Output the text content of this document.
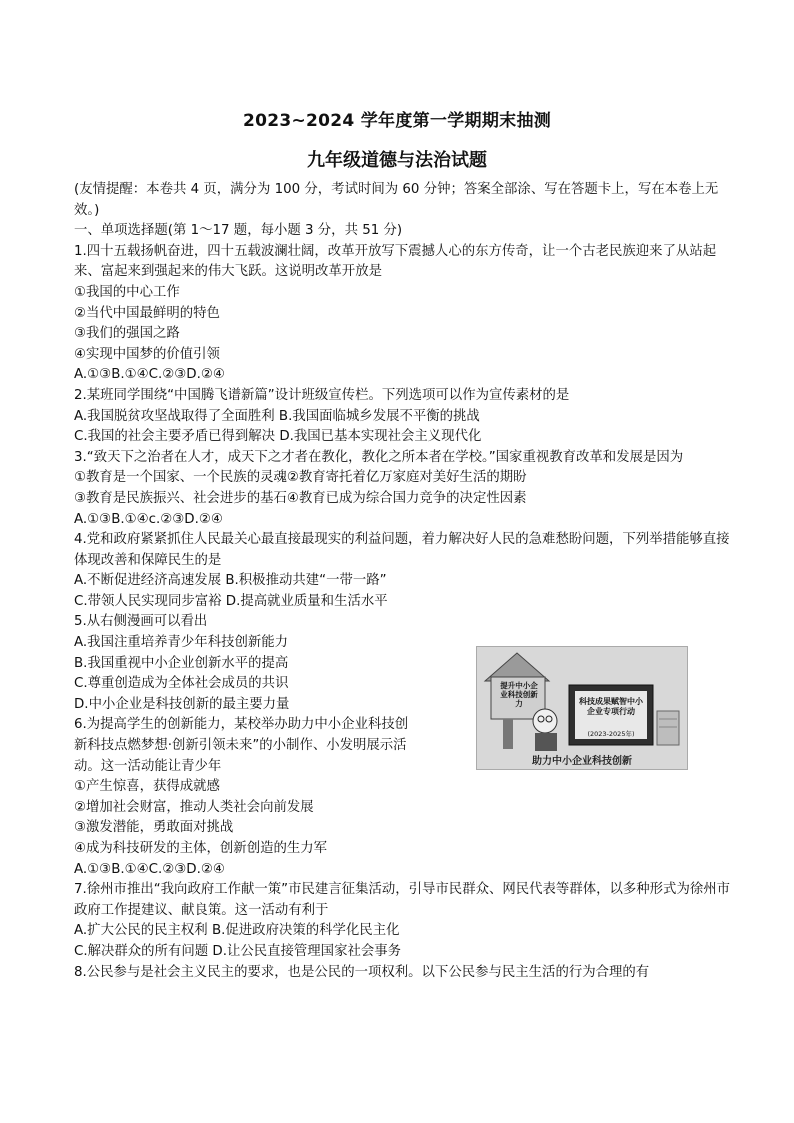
2023~2024 学年度第一学期期末抽测
九年级道德与法治试题

(友情提醒：本卷共 4 页，满分为 100 分，考试时间为 60 分钟；答案全部涂、写在答题卡上，写在本卷上无效。)

一、单项选择题(第 1～17 题，每小题 3 分，共 51 分)

1.四十五载扬帆奋进，四十五载波澜壮阔，改革开放写下震撼人心的东方传奇，让一个古老民族迎来了从站起来、富起来到强起来的伟大飞跃。这说明改革开放是

①我国的中心工作

②当代中国最鲜明的特色

③我们的强国之路

④实现中国梦的价值引领

A.①③B.①④C.②③D.②④

2.某班同学围绕“中国腾飞谱新篇”设计班级宣传栏。下列选项可以作为宣传素材的是

A.我国脱贫攻坚战取得了全面胜利 B.我国面临城乡发展不平衡的挑战

C.我国的社会主要矛盾已得到解决 D.我国已基本实现社会主义现代化

3.“致天下之治者在人才，成天下之才者在教化，教化之所本者在学校。”国家重视教育改革和发展是因为

①教育是一个国家、一个民族的灵魂②教育寄托着亿万家庭对美好生活的期盼

③教育是民族振兴、社会进步的基石④教育已成为综合国力竞争的决定性因素

A.①③B.①④c.②③D.②④

4.党和政府紧紧抓住人民最关心最直接最现实的利益问题，着力解决好人民的急难愁盼问题，下列举措能够直接体现改善和保障民生的是

A.不断促进经济高速发展 B.积极推动共建“一带一路”

C.带领人民实现同步富裕 D.提高就业质量和生活水平

5.从右侧漫画可以看出

A.我国注重培养青少年科技创新能力

B.我国重视中小企业创新水平的提高

C.尊重创造成为全体社会成员的共识

D.中小企业是科技创新的最主要力量

6.为提高学生的创新能力，某校举办助力中小企业科技创

新科技点燃梦想·创新引领未来”的小制作、小发明展示活

动。这一活动能让青少年

①产生惊喜，获得成就感

②增加社会财富，推动人类社会向前发展

③激发潜能，勇敢面对挑战

④成为科技研发的主体，创新创造的生力军

A.①③B.①④C.②③D.②④

7.徐州市推出“我向政府工作献一策”市民建言征集活动，引导市民群众、网民代表等群体，以多种形式为徐州市政府工作提建议、献良策。这一活动有利于

A.扩大公民的民主权利 B.促进政府决策的科学化民主化

C.解决群众的所有问题 D.让公民直接管理国家社会事务

8.公民参与是社会主义民主的要求，也是公民的一项权利。以下公民参与民主生活的行为合理的有

提升中小企业科技创新力	科技成果赋智中小企业专项行动
(2023-2025年)
助力中小企业科技创新
